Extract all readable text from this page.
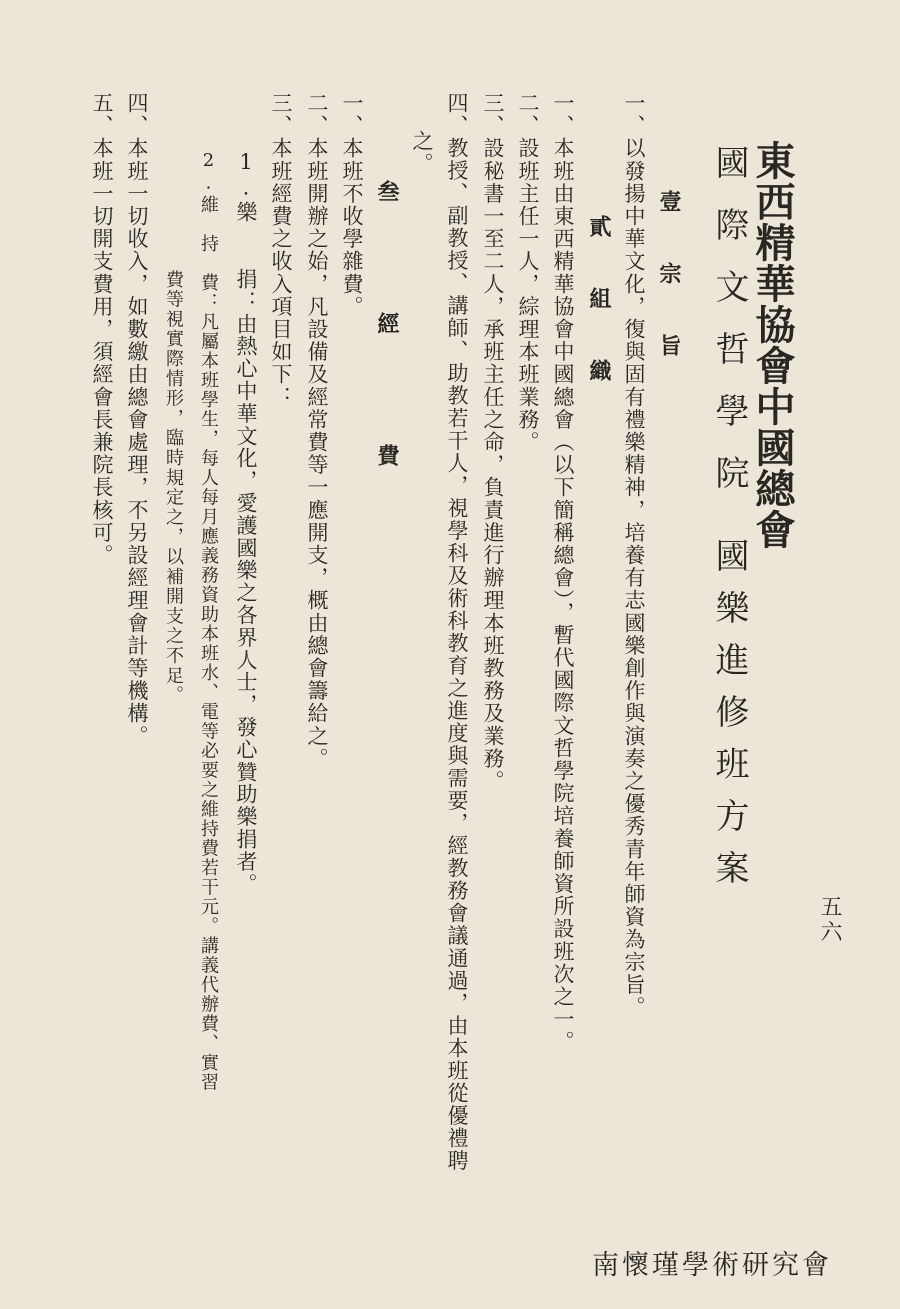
東西精華協會中國總會
國際文哲學院
國樂進修班方案
五六
壹 宗 旨
一、以發揚中華文化，復與固有禮樂精神，培養有志國樂創作與演奏之優秀青年師資為宗旨。
貳 組 織
一、本班由東西精華協會中國總會（以下簡稱總會），暫代國際文哲學院培養師資所設班次之一。
二、設班主任一人，綜理本班業務。
三、設秘書一至二人，承班主任之命，負責進行辦理本班教務及業務。
四、教授、副教授、講師、助教若干人，視學科及術科教育之進度與需要，經教務會議通過，由本班從優禮聘
之。
叁 經 費
一、本班不收學雜費。
二、本班開辦之始，凡設備及經常費等一應開支，概由總會籌給之。
三、本班經費之收入項目如下：
1.樂　　捐：由熱心中華文化，愛護國樂之各界人士，發心贊助樂捐者。
2.維　持　費：凡屬本班學生，每人每月應義務資助本班水、電等必要之維持費若干元。講義代辦費、實習
費等視實際情形，臨時規定之，以補開支之不足。
四、本班一切收入，如數繳由總會處理，不另設經理會計等機構。
五、本班一切開支費用，須經會長兼院長核可。
南懷瑾學術研究會
